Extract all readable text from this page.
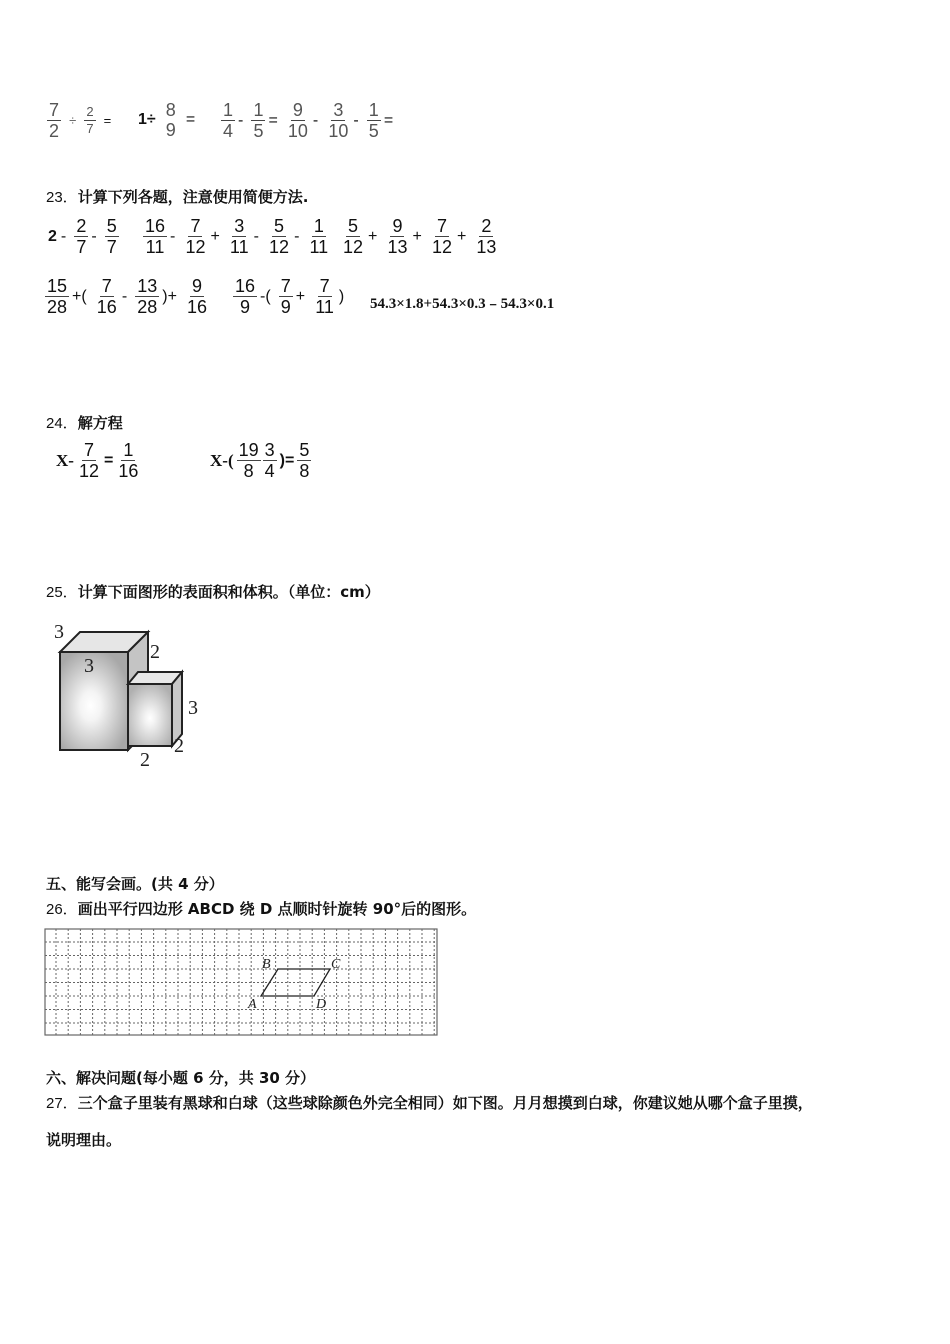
$\frac{7}{2} \div \frac{2}{7} = 1\div 8$
9
= $\frac{1}{4} - \frac{1}{5} = \frac{9}{10} - \frac{3}{10} - \frac{1}{5}$ =
23．计算下列各题，注意使用简便方法.
$2 - \frac{2}{7} - \frac{5}{7} \frac{16}{11} - \frac{7}{12} + \frac{3}{11} - \frac{5}{12} - \frac{1}{11} \frac{5}{12} + \frac{9}{13} + \frac{7}{12} + \frac{2}{13}$
$\frac{15}{28}$ +( $\frac{7}{16} - \frac{13}{28}$ )+ $\frac{9}{16} \frac{16}{9}$ -( $\frac{7}{9} + \frac{7}{11}$ ) 54.3×1.8+54.3×0.3﹣54.3×0.1
24．解方程
$X- \frac{7}{12} = \frac{1}{16}$	$X-( \frac{19}{8} \frac{3}{4}$ )= $\frac{5}{8}$
25．计算下面图形的表面积和体积。（单位：cm）
3
3
2
3
2
2
五、能写会画。(共 4 分）
26．画出平行四边形 ABCD 绕 D 点顺时针旋转 90°后的图形。
B	C
A	D
六、解决问题(每小题 6 分，共 30 分）
27．三个盒子里装有黑球和白球（这些球除颜色外完全相同）如下图。月月想摸到白球，你建议她从哪个盒子里摸，
说明理由。
